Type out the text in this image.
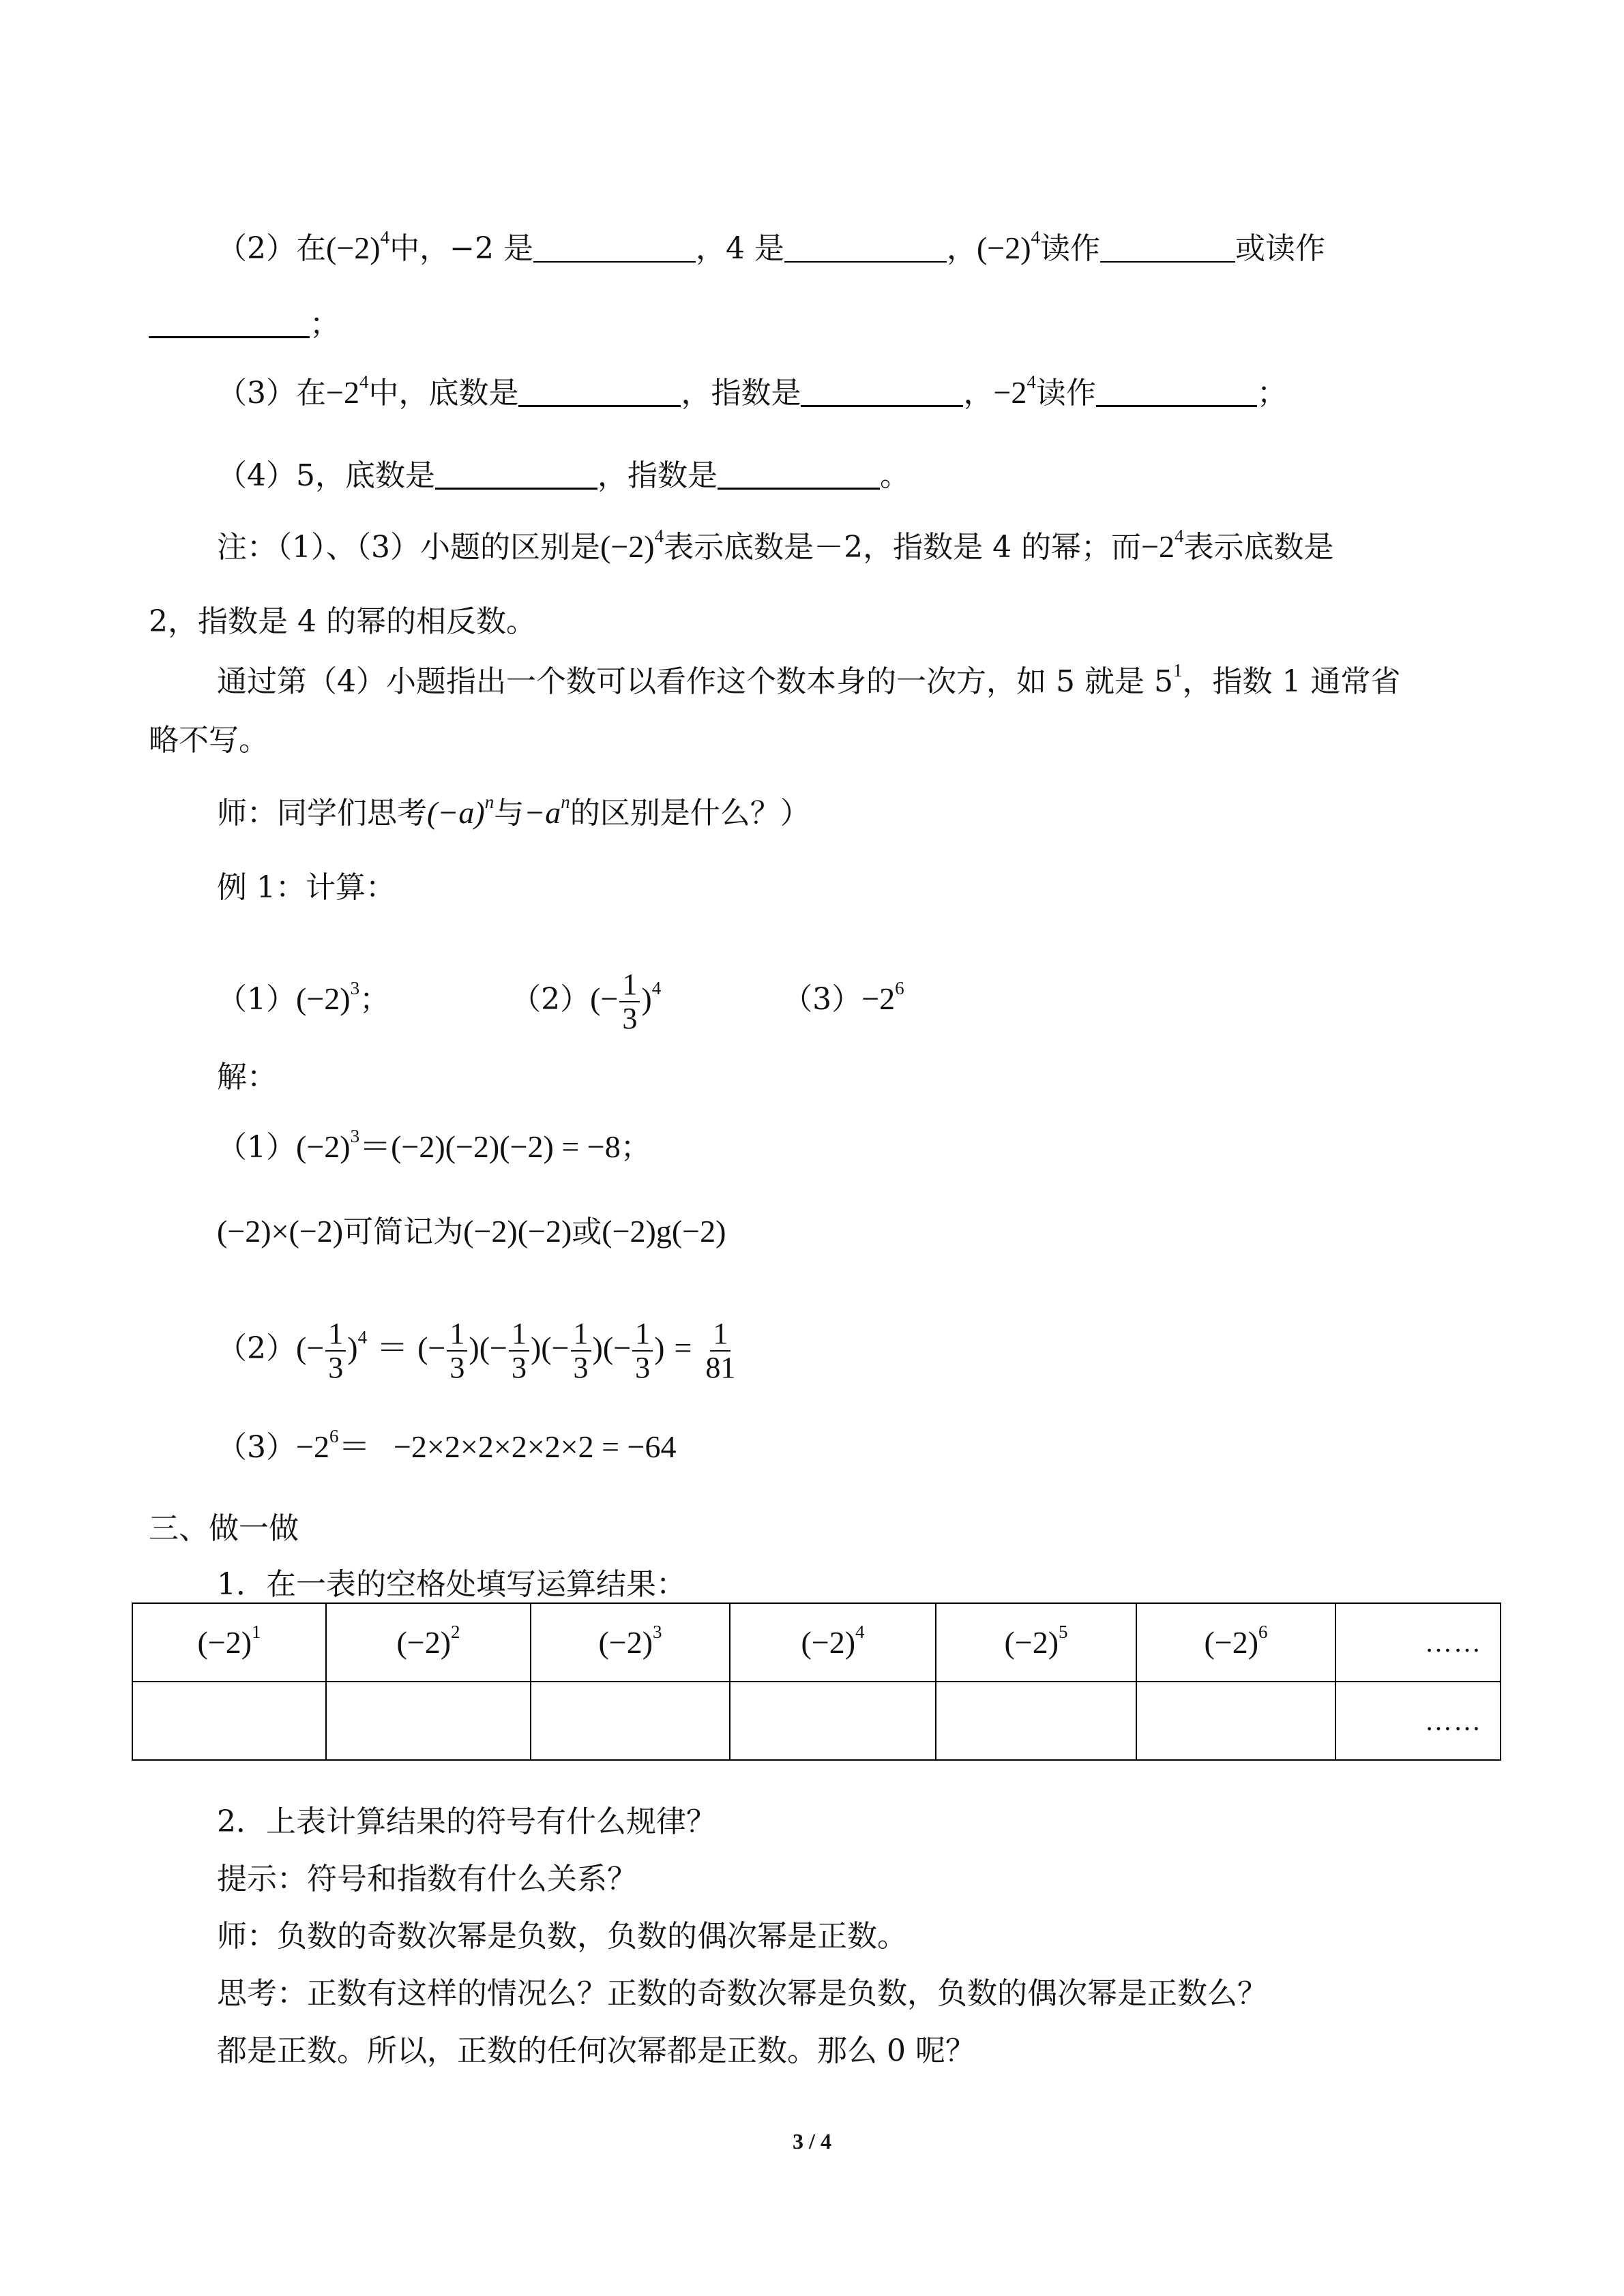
（2）在$(-2)^4$中，−2 是	，4 是	，$(-2)^4$读作	或读作
；
（3）在$-2^4$中，底数是	，指数是	，$-2^4$读作	；
（4）5，底数是	，指数是	。
注：（1）、（3）小题的区别是$(-2)^4$表示底数是－2，指数是 4 的幂；而$-2^4$表示底数是
2，指数是 4 的幂的相反数。
通过第（4）小题指出一个数可以看作这个数本身的一次方，如 5 就是 $5^1$，指数 1 通常省
略不写。
师：同学们思考$(-a)^n$与$-a^n$的区别是什么？）
例 1：计算：
$(1)(-2)^3$；	$(2)(- \frac{1}{3} )^4$	$(3)-2^6$
解：
$(1)(-2)^3=(-2)(-2)(-2) = -8$；
(−2)×(−2)可简记为(−2)(−2)或(−2)g(−2)
$(2)(- \frac{1}{3} )^4$ ＝ (− $\frac{1}{3}$ )(− $\frac{1}{3}$ )(− $\frac{1}{3}$ )(− $\frac{1}{3}$ ) = $\frac{1}{81}$
$(3)-2^6= -2\times 2\times 2\times 2\times 2\times 2 = -64$
三、做一做
1．在一表的空格处填写运算结果：
$(-2)^1$	$(-2)^2$	$(-2)^3$	$(-2)^4$	$(-2)^5$	$(-2)^6$	……
						……
2．上表计算结果的符号有什么规律？
提示：符号和指数有什么关系？
师：负数的奇数次幂是负数，负数的偶次幂是正数。
思考：正数有这样的情况么？正数的奇数次幂是负数，负数的偶次幂是正数么？
都是正数。所以，正数的任何次幂都是正数。那么 0 呢？
3 / 4
